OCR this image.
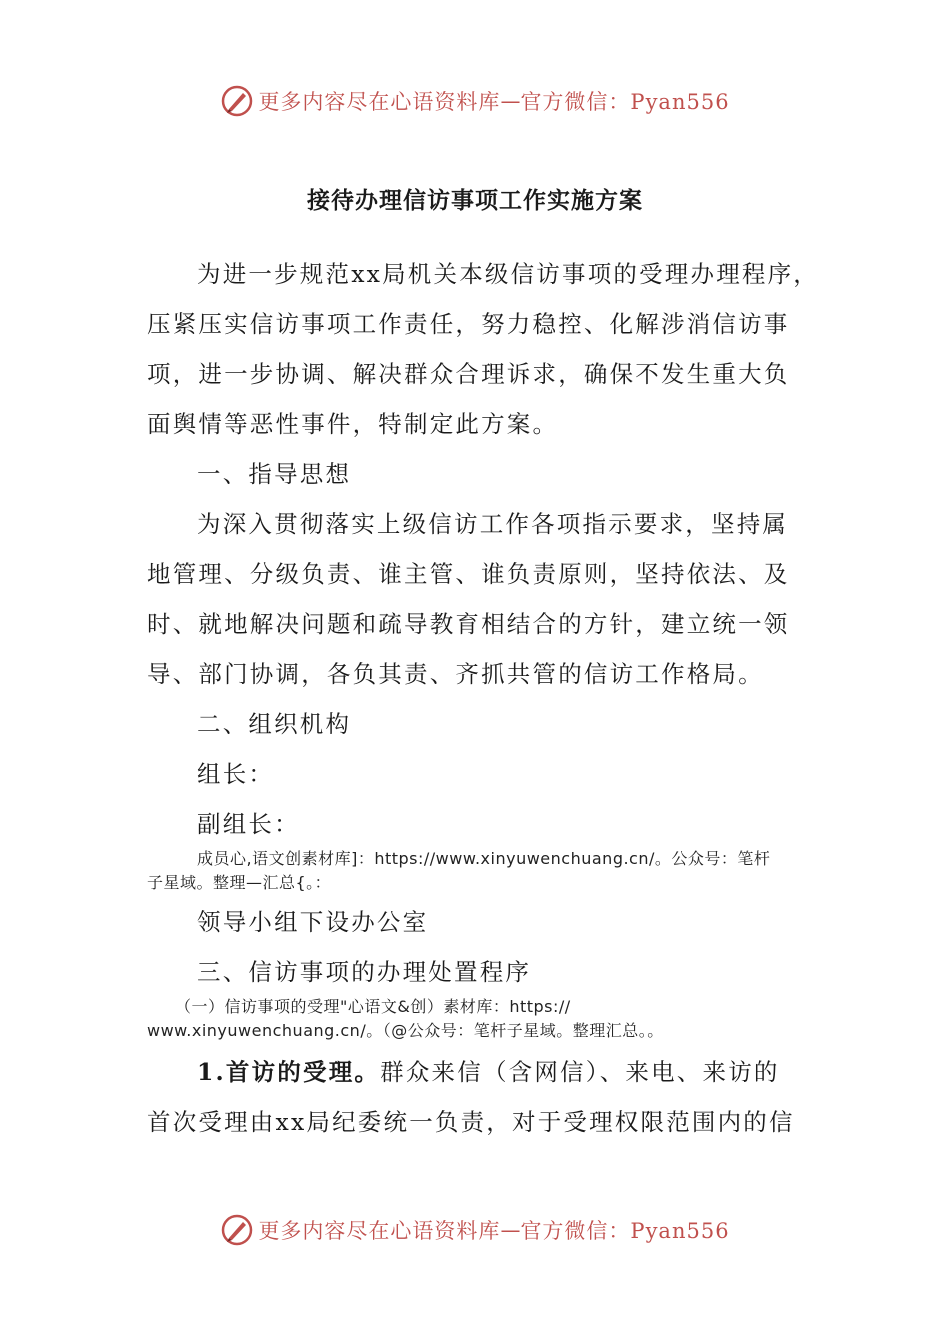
更多内容尽在心语资料库 — 官方微信：Pyan556
接待办理信访事项工作实施方案
为进一步规范xx局机关本级信访事项的受理办理程序，
压紧压实信访事项工作责任，努力稳控、化解涉消信访事
项，进一步协调、解决群众合理诉求，确保不发生重大负
面舆情等恶性事件，特制定此方案。
一、指导思想
为深入贯彻落实上级信访工作各项指示要求，坚持属
地管理、分级负责、谁主管、谁负责原则，坚持依法、及
时、就地解决问题和疏导教育相结合的方针，建立统一领
导、部门协调，各负其责、齐抓共管的信访工作格局。
二、组织机构
组长：
副组长：
成员心,语文创素材库]：https://www.xinyuwenchuang.cn/。公众号：笔杆
子星域。整理—汇总{。：
领导小组下设办公室
三、信访事项的办理处置程序
（一）信访事项的受理"心语文&创）素材库：https://
www.xinyuwenchuang.cn/。（@公众号：笔杆子星域。整理汇总。。
1.首访的受理。群众来信（含网信）、来电、来访的
首次受理由xx局纪委统一负责，对于受理权限范围内的信
更多内容尽在心语资料库 — 官方微信：Pyan556
